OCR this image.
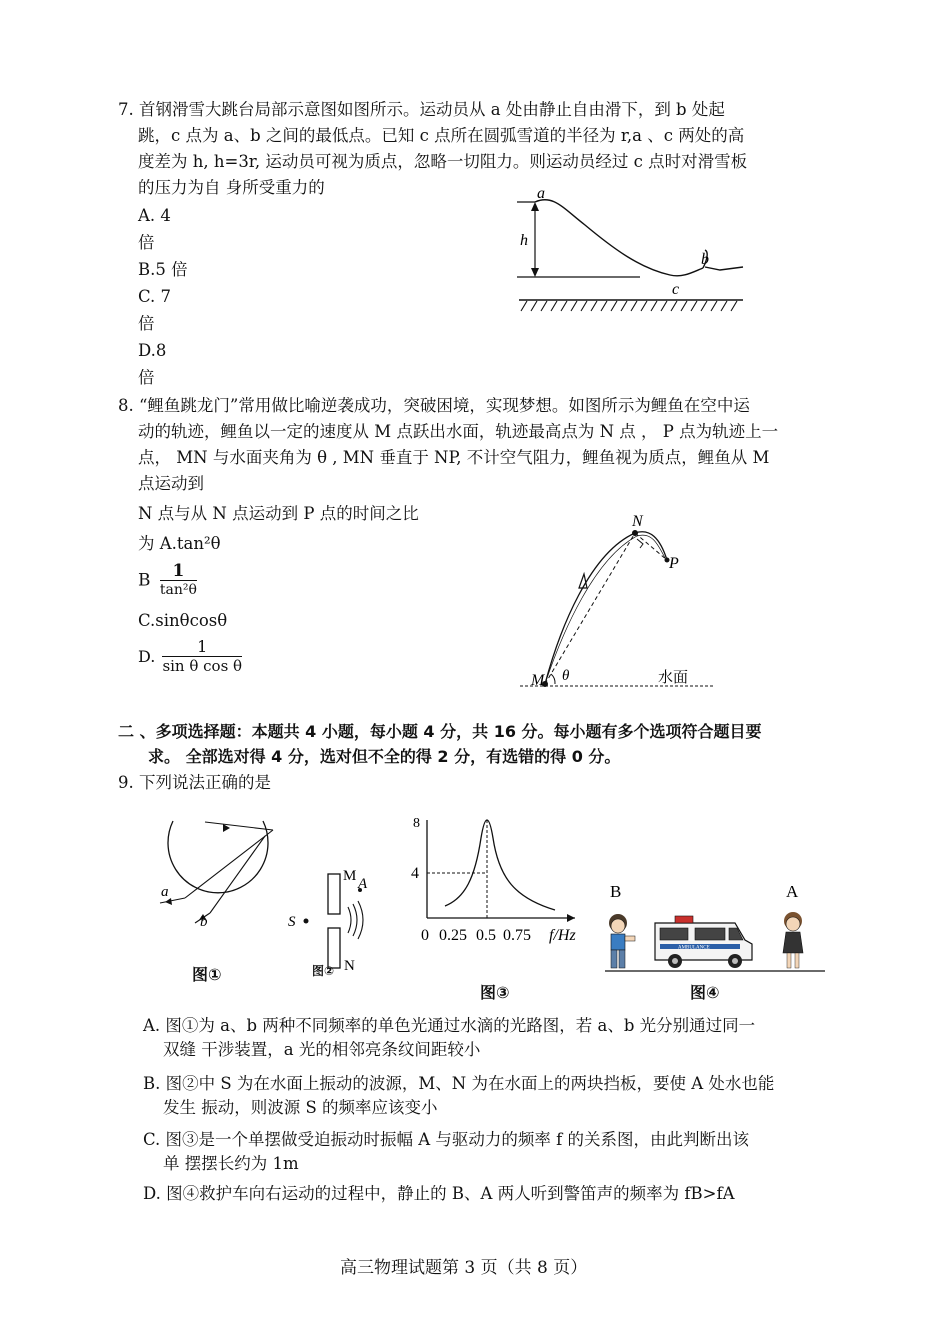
7. 首钢滑雪大跳台局部示意图如图所示。运动员从 a 处由静止自由滑下，到 b 处起
跳，c 点为 a、b 之间的最低点。已知 c 点所在圆弧雪道的半径为 r,a 、c 两处的高
度差为 h, h=3r, 运动员可视为质点，忽略一切阻力。则运动员经过 c 点时对滑雪板
的压力为自 身所受重力的
A. 4
倍
B.5 倍
C. 7
倍
D.8
倍
a
h
b
c
8. “鲤鱼跳龙门”常用做比喻逆袭成功，突破困境，实现梦想。如图所示为鲤鱼在空中运
动的轨迹，鲤鱼以一定的速度从 M 点跃出水面，轨迹最高点为 N 点 ， P 点为轨迹上一
点， MN 与水面夹角为 θ , MN 垂直于 NP, 不计空气阻力，鲤鱼视为质点，鲤鱼从 M
点运动到
N 点与从 N 点运动到 P 点的时间之比
为 A.tan²θ
B $\frac{1}{\text{tan²θ}}$
C.sinθcosθ
D. $\frac{1}{\text{sin θ cos θ}}$
N
P
M θ	水面
二 、多项选择题：本题共 4 小题，每小题 4 分，共 16 分。每小题有多个选项符合题目要
求。 全部选对得 4 分，选对但不全的得 2 分，有选错的得 0 分。
9. 下列说法正确的是
a
b
图①
S
M A
N
图②
8
4
0 0.25 0.5 0.75 f/Hz
图③
AMBULANCE
B	A
图④
A. 图①为 a、b 两种不同频率的单色光通过水滴的光路图，若 a、b 光分别通过同一
双缝 干涉装置，a 光的相邻亮条纹间距较小
B. 图②中 S 为在水面上振动的波源，M、N 为在水面上的两块挡板，要使 A 处水也能
发生 振动，则波源 S 的频率应该变小
C. 图③是一个单摆做受迫振动时振幅 A 与驱动力的频率 f 的关系图，由此判断出该
单 摆摆长约为 1m
D. 图④救护车向右运动的过程中，静止的 B、A 两人听到警笛声的频率为 fB>fA
高三物理试题第 3 页（共 8 页）
